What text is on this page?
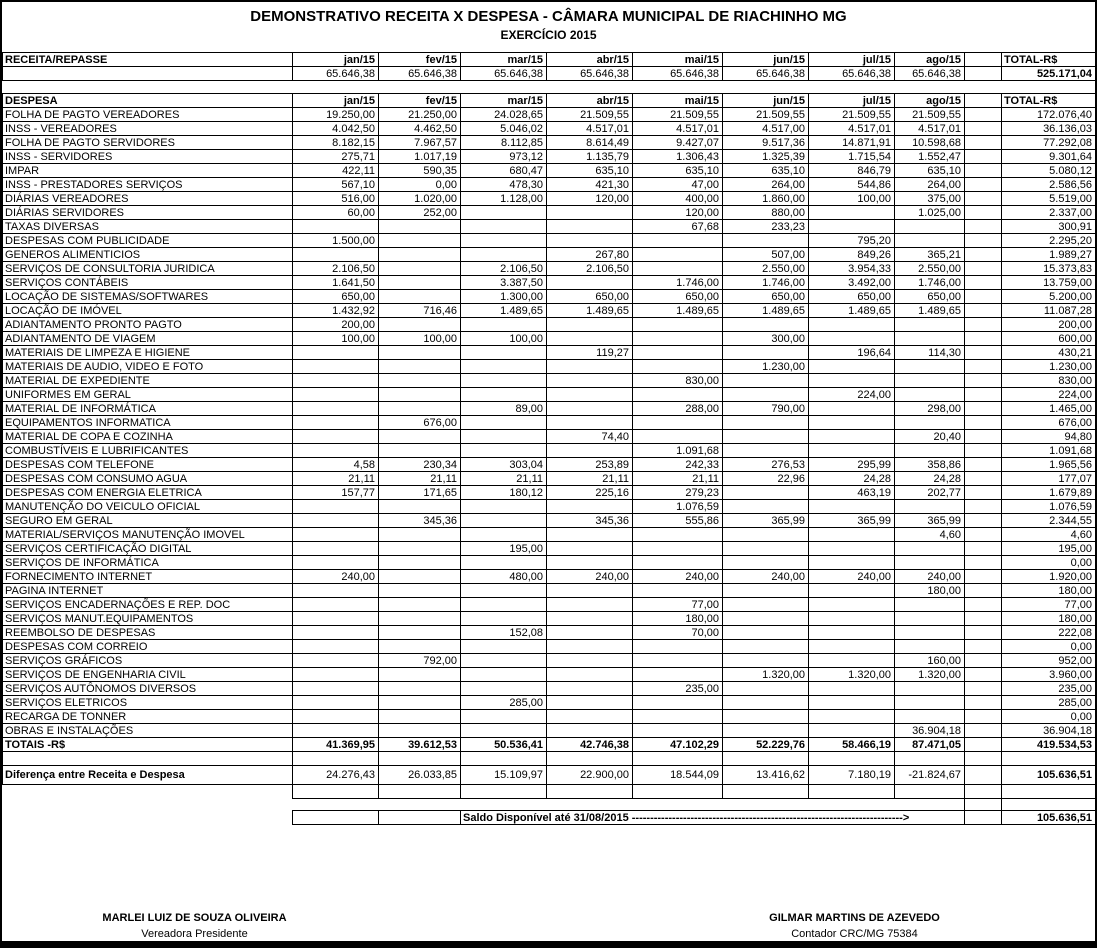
DEMONSTRATIVO RECEITA X DESPESA - CÂMARA MUNICIPAL DE RIACHINHO MG
EXERCÍCIO 2015
RECEITA/REPASSE	jan/15	fev/15	mar/15	abr/15	mai/15	jun/15	jul/15	ago/15		TOTAL-R$
	65.646,38	65.646,38	65.646,38	65.646,38	65.646,38	65.646,38	65.646,38	65.646,38		525.171,04
DESPESA	jan/15	fev/15	mar/15	abr/15	mai/15	jun/15	jul/15	ago/15		TOTAL-R$
FOLHA DE PAGTO VEREADORES	19.250,00	21.250,00	24.028,65	21.509,55	21.509,55	21.509,55	21.509,55	21.509,55		172.076,40
INSS - VEREADORES	4.042,50	4.462,50	5.046,02	4.517,01	4.517,01	4.517,00	4.517,01	4.517,01		36.136,03
FOLHA DE PAGTO SERVIDORES	8.182,15	7.967,57	8.112,85	8.614,49	9.427,07	9.517,36	14.871,91	10.598,68		77.292,08
INSS - SERVIDORES	275,71	1.017,19	973,12	1.135,79	1.306,43	1.325,39	1.715,54	1.552,47		9.301,64
IMPAR	422,11	590,35	680,47	635,10	635,10	635,10	846,79	635,10		5.080,12
INSS - PRESTADORES SERVIÇOS	567,10	0,00	478,30	421,30	47,00	264,00	544,86	264,00		2.586,56
DIÁRIAS VEREADORES	516,00	1.020,00	1.128,00	120,00	400,00	1.860,00	100,00	375,00		5.519,00
DIÁRIAS SERVIDORES	60,00	252,00			120,00	880,00		1.025,00		2.337,00
TAXAS DIVERSAS					67,68	233,23				300,91
DESPESAS COM PUBLICIDADE	1.500,00						795,20			2.295,20
GENEROS ALIMENTICIOS				267,80		507,00	849,26	365,21		1.989,27
SERVIÇOS DE CONSULTORIA JURIDICA	2.106,50		2.106,50	2.106,50		2.550,00	3.954,33	2.550,00		15.373,83
SERVIÇOS CONTÁBEIS	1.641,50		3.387,50		1.746,00	1.746,00	3.492,00	1.746,00		13.759,00
LOCAÇÃO DE SISTEMAS/SOFTWARES	650,00		1.300,00	650,00	650,00	650,00	650,00	650,00		5.200,00
LOCAÇÃO DE IMÓVEL	1.432,92	716,46	1.489,65	1.489,65	1.489,65	1.489,65	1.489,65	1.489,65		11.087,28
ADIANTAMENTO PRONTO PAGTO	200,00									200,00
ADIANTAMENTO DE VIAGEM	100,00	100,00	100,00			300,00				600,00
MATERIAIS DE LIMPEZA E HIGIENE				119,27			196,64	114,30		430,21
MATERIAIS DE AUDIO, VIDEO E FOTO						1.230,00				1.230,00
MATERIAL DE EXPEDIENTE					830,00					830,00
UNIFORMES EM GERAL							224,00			224,00
MATERIAL DE INFORMÁTICA			89,00		288,00	790,00		298,00		1.465,00
EQUIPAMENTOS INFORMATICA		676,00								676,00
MATERIAL DE COPA E COZINHA				74,40				20,40		94,80
COMBUSTÍVEIS E LUBRIFICANTES					1.091,68					1.091,68
DESPESAS COM TELEFONE	4,58	230,34	303,04	253,89	242,33	276,53	295,99	358,86		1.965,56
DESPESAS COM CONSUMO AGUA	21,11	21,11	21,11	21,11	21,11	22,96	24,28	24,28		177,07
DESPESAS COM ENERGIA ELETRICA	157,77	171,65	180,12	225,16	279,23		463,19	202,77		1.679,89
MANUTENÇÃO DO VEICULO OFICIAL					1.076,59					1.076,59
SEGURO EM GERAL		345,36		345,36	555,86	365,99	365,99	365,99		2.344,55
MATERIAL/SERVIÇOS MANUTENÇÃO IMOVEL								4,60		4,60
SERVIÇOS CERTIFICAÇÃO DIGITAL			195,00							195,00
SERVIÇOS DE INFORMÁTICA										0,00
FORNECIMENTO INTERNET	240,00		480,00	240,00	240,00	240,00	240,00	240,00		1.920,00
PAGINA INTERNET								180,00		180,00
SERVIÇOS ENCADERNAÇÕES E REP. DOC					77,00					77,00
SERVIÇOS MANUT.EQUIPAMENTOS					180,00					180,00
REEMBOLSO DE DESPESAS			152,08		70,00					222,08
DESPESAS COM CORREIO										0,00
SERVIÇOS GRÁFICOS		792,00						160,00		952,00
SERVIÇOS DE ENGENHARIA CIVIL						1.320,00	1.320,00	1.320,00		3.960,00
SERVIÇOS AUTÔNOMOS DIVERSOS					235,00					235,00
SERVIÇOS ELETRICOS			285,00							285,00
RECARGA DE TONNER										0,00
OBRAS E INSTALAÇÕES								36.904,18		36.904,18
TOTAIS -R$	41.369,95	39.612,53	50.536,41	42.746,38	47.102,29	52.229,76	58.466,19	87.471,05		419.534,53

Diferença entre Receita e Despesa	24.276,43	26.033,85	15.109,97	22.900,00	18.544,09	13.416,62	7.180,19	-21.824,67		105.636,51

			Saldo Disponível até 31/08/2015 -------------------------------------------------------------------------->							105.636,51
MARLEI LUIZ DE SOUZA OLIVEIRA
Vereadora Presidente
GILMAR MARTINS DE AZEVEDO
Contador CRC/MG 75384
